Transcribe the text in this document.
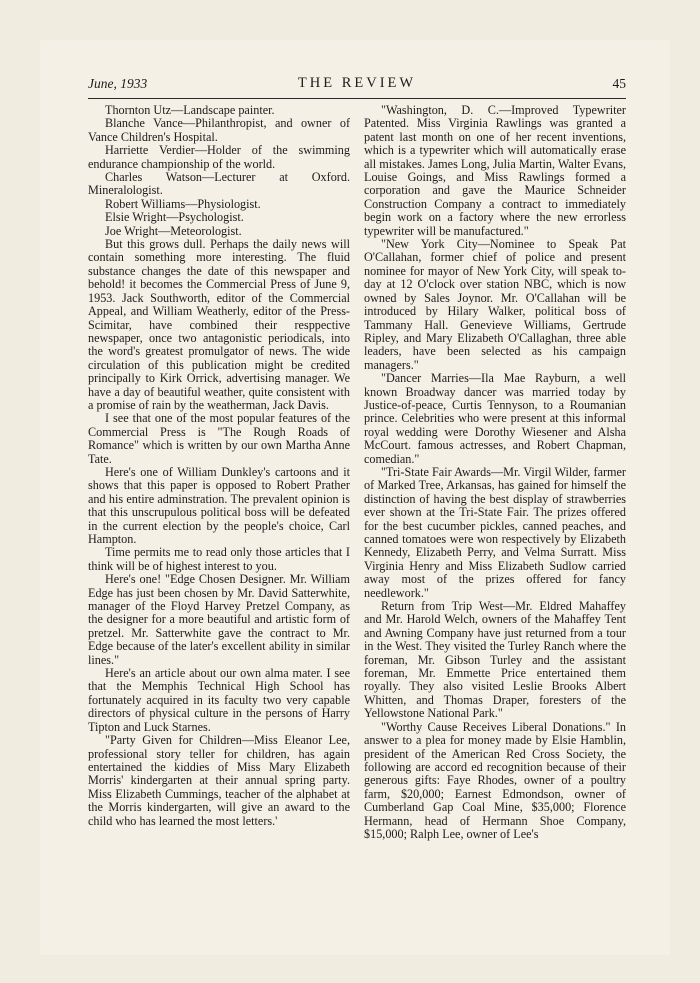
June, 1933	THE REVIEW	45

Thornton Utz—Landscape painter.

Blanche Vance—Philanthropist, and owner of Vance Children's Hospital.

Harriette Verdier—Holder of the swimming endurance championship of the world.

Charles Watson—Lecturer at Oxford. Mineralologist.

Robert Williams—Physiologist.

Elsie Wright—Psychologist.

Joe Wright—Meteorologist.

But this grows dull. Perhaps the daily news will contain something more interesting. The fluid substance changes the date of this newspaper and behold! it becomes the Commercial Press of June 9, 1953. Jack Southworth, editor of the Commercial Appeal, and William Weatherly, editor of the Press-Scimitar, have combined their resppective newspaper, once two antagonistic periodicals, into the word's greatest promulgator of news. The wide circulation of this publication might be credited principally to Kirk Orrick, advertising manager. We have a day of beautiful weather, quite consistent with a promise of rain by the weatherman, Jack Davis.

I see that one of the most popular features of the Commercial Press is "The Rough Roads of Romance" which is written by our own Martha Anne Tate.

Here's one of William Dunkley's cartoons and it shows that this paper is opposed to Robert Prather and his entire adminstration. The prevalent opinion is that this unscrupulous political boss will be defeated in the current election by the people's choice, Carl Hampton.

Time permits me to read only those articles that I think will be of highest interest to you.

Here's one! "Edge Chosen Designer. Mr. William Edge has just been chosen by Mr. David Satterwhite, manager of the Floyd Harvey Pretzel Company, as the designer for a more beautiful and artistic form of pretzel. Mr. Satterwhite gave the contract to Mr. Edge because of the later's excellent ability in similar lines."

Here's an article about our own alma mater. I see that the Memphis Technical High School has fortunately acquired in its faculty two very capable directors of physical culture in the persons of Harry Tipton and Luck Starnes.

"Party Given for Children—Miss Eleanor Lee, professional story teller for children, has again entertained the kiddies of Miss Mary Elizabeth Morris' kindergarten at their annual spring party. Miss Elizabeth Cummings, teacher of the alphabet at the Morris kindergarten, will give an award to the child who has learned the most letters.'

"Washington, D. C.—Improved Typewriter Patented. Miss Virginia Rawlings was granted a patent last month on one of her recent inventions, which is a typewriter which will automatically erase all mistakes. James Long, Julia Martin, Walter Evans, Louise Goings, and Miss Rawlings formed a corporation and gave the Maurice Schneider Construction Company a contract to immediately begin work on a factory where the new errorless typewriter will be manufactured."

"New York City—Nominee to Speak Pat O'Callahan, former chief of police and present nominee for mayor of New York City, will speak to-day at 12 O'clock over station NBC, which is now owned by Sales Joynor. Mr. O'Callahan will be introduced by Hilary Walker, political boss of Tammany Hall. Genevieve Williams, Gertrude Ripley, and Mary Elizabeth O'Callaghan, three able leaders, have been selected as his campaign managers."

"Dancer Marries—Ila Mae Rayburn, a well known Broadway dancer was married today by Justice-of-peace, Curtis Tennyson, to a Roumanian prince. Celebrities who were present at this informal royal wedding were Dorothy Wiesener and Alsha McCourt. famous actresses, and Robert Chapman, comedian."

"Tri-State Fair Awards—Mr. Virgil Wilder, farmer of Marked Tree, Arkansas, has gained for himself the distinction of having the best display of strawberries ever shown at the Tri-State Fair. The prizes offered for the best cucumber pickles, canned peaches, and canned tomatoes were won respectively by Elizabeth Kennedy, Elizabeth Perry, and Velma Surratt. Miss Virginia Henry and Miss Elizabeth Sudlow carried away most of the prizes offered for fancy needlework."

Return from Trip West—Mr. Eldred Mahaffey and Mr. Harold Welch, owners of the Mahaffey Tent and Awning Company have just returned from a tour in the West. They visited the Turley Ranch where the foreman, Mr. Gibson Turley and the assistant foreman, Mr. Emmette Price entertained them royally. They also visited Leslie Brooks Albert Whitten, and Thomas Draper, foresters of the Yellowstone National Park."

"Worthy Cause Receives Liberal Donations." In answer to a plea for money made by Elsie Hamblin, president of the American Red Cross Society, the following are accord ed recognition because of their generous gifts: Faye Rhodes, owner of a poultry farm, $20,000; Earnest Edmondson, owner of Cumberland Gap Coal Mine, $35,000; Florence Hermann, head of Hermann Shoe Company, $15,000; Ralph Lee, owner of Lee's
